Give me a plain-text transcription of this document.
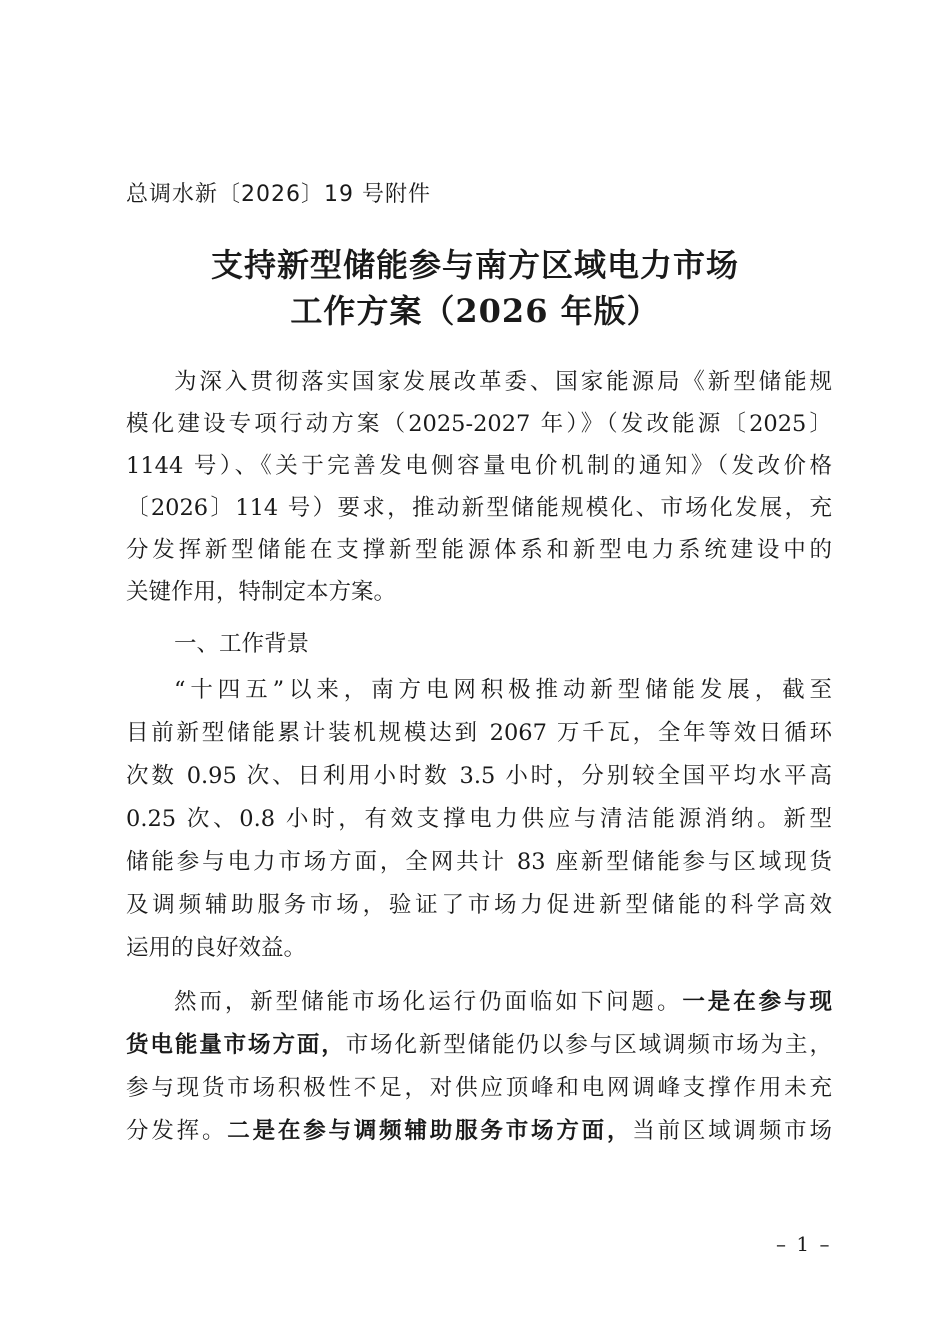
总调水新〔2026〕19 号附件
支持新型储能参与南方区域电力市场
工作方案（2026 年版）
为深入贯彻落实国家发展改革委、国家能源局《新型储能规
模化建设专项行动方案（2025-2027 年）》（发改能源〔2025〕
1144 号）、《关于完善发电侧容量电价机制的通知》（发改价格
〔2026〕114 号）要求，推动新型储能规模化、市场化发展，充
分发挥新型储能在支撑新型能源体系和新型电力系统建设中的
关键作用，特制定本方案。
一、工作背景
“十四五”以来，南方电网积极推动新型储能发展，截至
目前新型储能累计装机规模达到 2067 万千瓦，全年等效日循环
次数 0.95 次、日利用小时数 3.5 小时，分别较全国平均水平高
0.25 次、0.8 小时，有效支撑电力供应与清洁能源消纳。新型
储能参与电力市场方面，全网共计 83 座新型储能参与区域现货
及调频辅助服务市场，验证了市场力促进新型储能的科学高效
运用的良好效益。
然而，新型储能市场化运行仍面临如下问题。一是在参与现
货电能量市场方面，市场化新型储能仍以参与区域调频市场为主，
参与现货市场积极性不足，对供应顶峰和电网调峰支撑作用未充
分发挥。二是在参与调频辅助服务市场方面，当前区域调频市场
– 1 –
